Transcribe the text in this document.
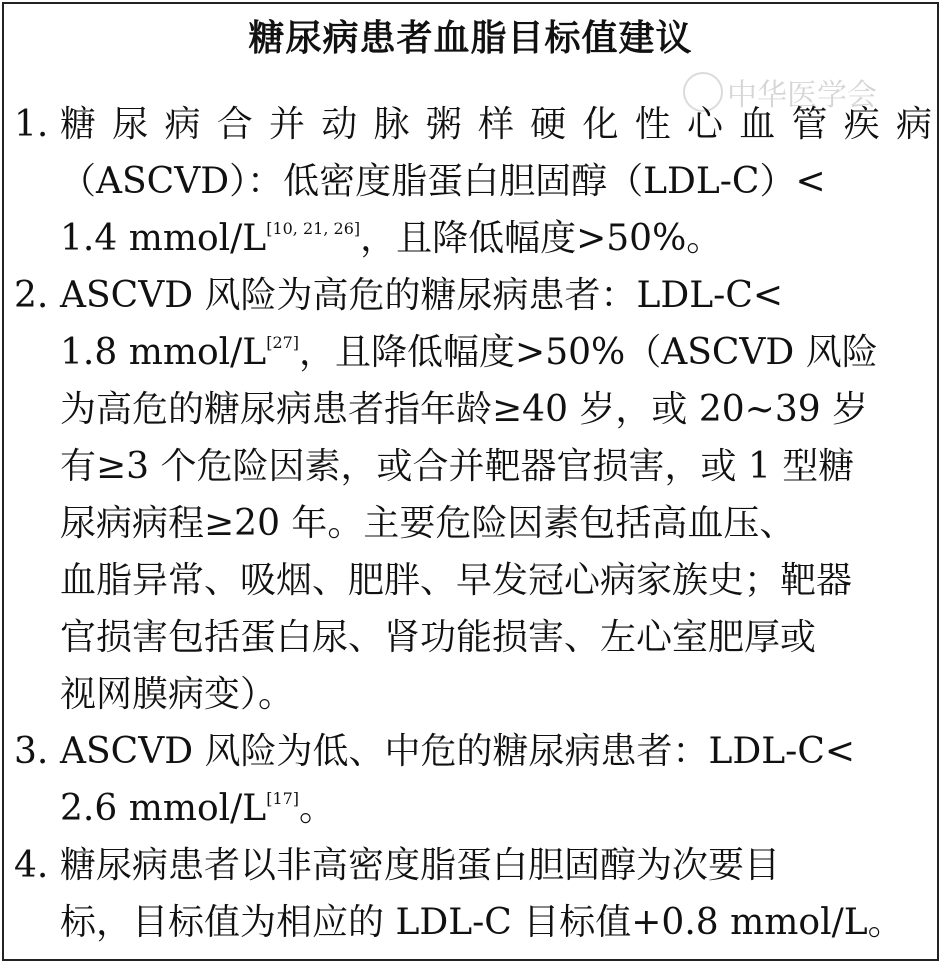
糖尿病患者血脂目标值建议
中华医学会
1. 糖尿病合并动脉粥样硬化性心血管疾病
（ASCVD）：低密度脂蛋白胆固醇（LDL-C）<
1.4 mmol/L[10, 21, 26]，且降低幅度>50%。
2. ASCVD 风险为高危的糖尿病患者：LDL-C<
1.8 mmol/L[27]，且降低幅度>50%（ASCVD 风险
为高危的糖尿病患者指年龄≥40 岁，或 20~39 岁
有≥3 个危险因素，或合并靶器官损害，或 1 型糖
尿病病程≥20 年。主要危险因素包括高血压、
血脂异常、吸烟、肥胖、早发冠心病家族史；靶器
官损害包括蛋白尿、肾功能损害、左心室肥厚或
视网膜病变）。
3. ASCVD 风险为低、中危的糖尿病患者：LDL-C<
2.6 mmol/L[17]。
4. 糖尿病患者以非高密度脂蛋白胆固醇为次要目
标，目标值为相应的 LDL-C 目标值+0.8 mmol/L。
